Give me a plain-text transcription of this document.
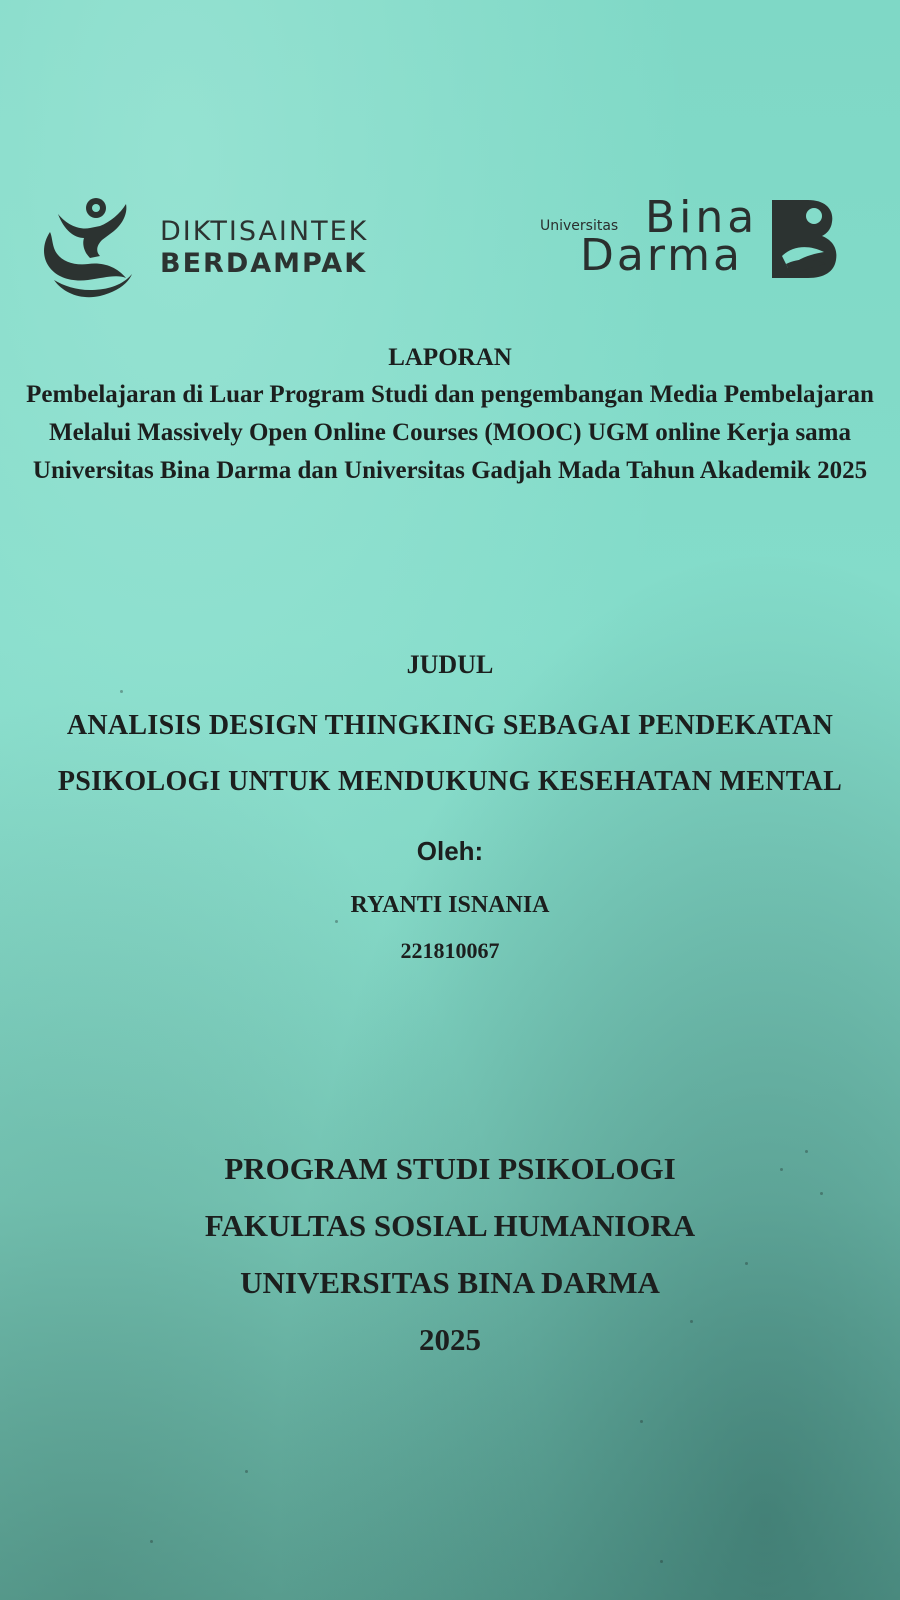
DIKTISAINTEK
BERDAMPAK
Universitas Bina
Darma
LAPORAN
Pembelajaran di Luar Program Studi dan pengembangan Media Pembelajaran Melalui Massively Open Online Courses (MOOC) UGM online Kerja sama Universitas Bina Darma dan Universitas Gadjah Mada Tahun Akademik 2025
JUDUL
ANALISIS DESIGN THINGKING SEBAGAI PENDEKATAN PSIKOLOGI UNTUK MENDUKUNG KESEHATAN MENTAL
Oleh:
RYANTI ISNANIA
221810067
PROGRAM STUDI PSIKOLOGI
FAKULTAS SOSIAL HUMANIORA
UNIVERSITAS BINA DARMA
2025
